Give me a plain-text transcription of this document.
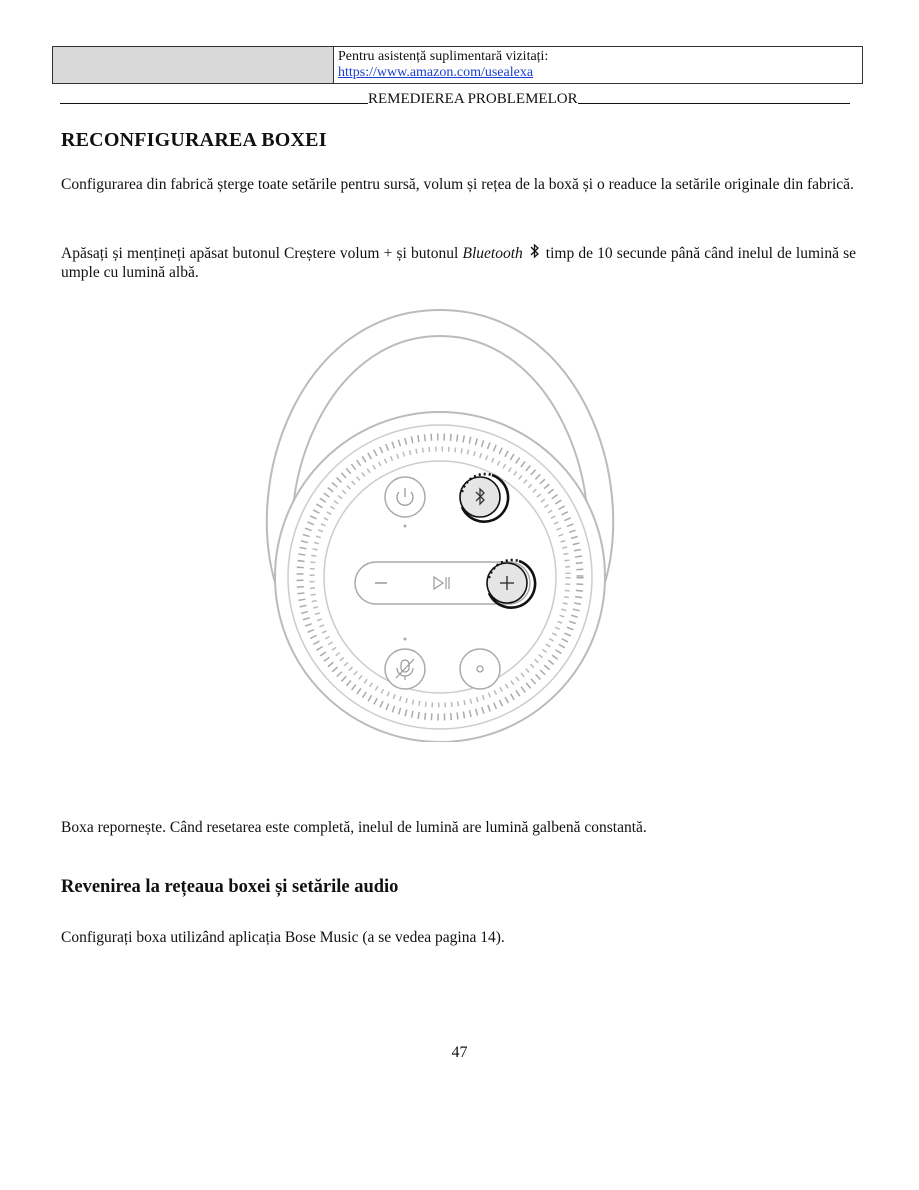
Pentru asistență suplimentară vizitați:
https://www.amazon.com/usealexa
REMEDIEREA PROBLEMELOR
RECONFIGURAREA BOXEI

Configurarea din fabrică șterge toate setările pentru sursă, volum și rețea de la boxă și o readuce la setările originale din fabrică.

Apăsați și mențineți apăsat butonul Creștere volum + și butonul Bluetooth timp de 10 secunde până când inelul de lumină se umple cu lumină albă.

Boxa repornește. Când resetarea este completă, inelul de lumină are lumină galbenă constantă.

Revenirea la rețeaua boxei și setările audio

Configurați boxa utilizând aplicația Bose Music (a se vedea pagina 14).

47
